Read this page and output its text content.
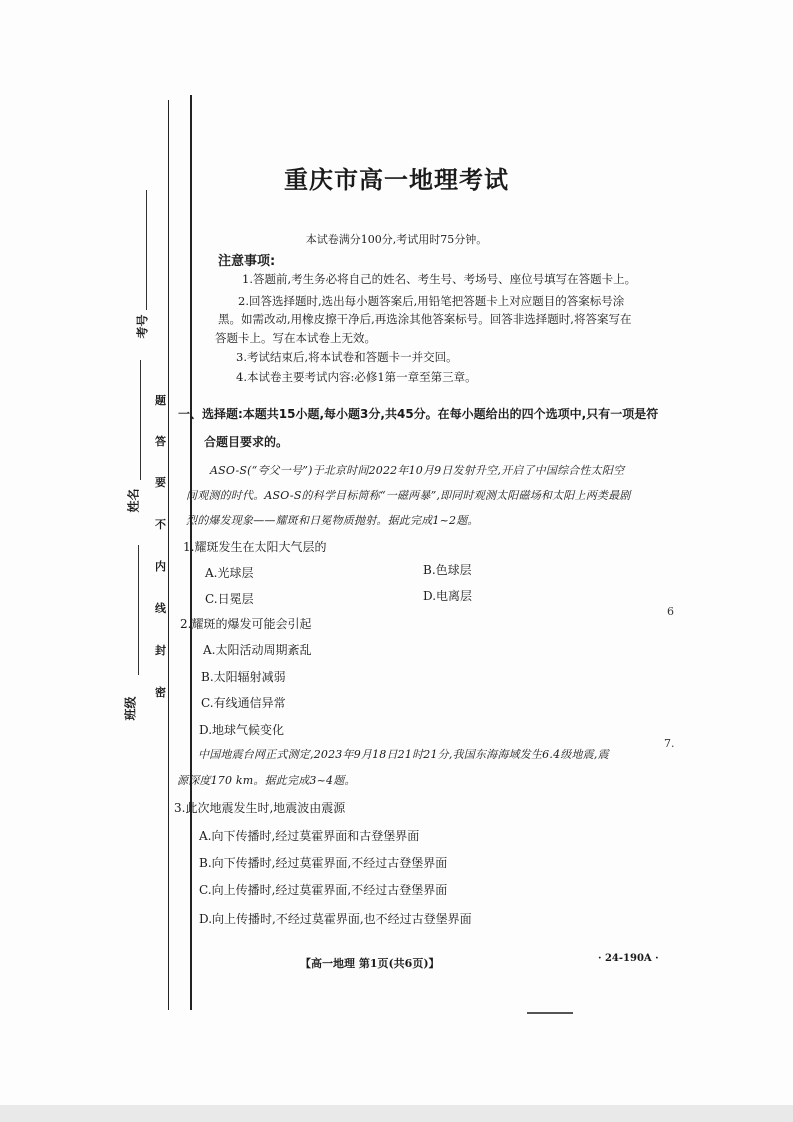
考号
姓名
班级
题
答
要
不
内
线
封
密
重庆市高一地理考试
本试卷满分100分,考试用时75分钟。
注意事项:
1.答题前,考生务必将自己的姓名、考生号、考场号、座位号填写在答题卡上。
2.回答选择题时,选出每小题答案后,用铅笔把答题卡上对应题目的答案标号涂
黑。如需改动,用橡皮擦干净后,再选涂其他答案标号。回答非选择题时,将答案写在
答题卡上。写在本试卷上无效。
3.考试结束后,将本试卷和答题卡一并交回。
4.本试卷主要考试内容:必修1第一章至第三章。
一、选择题:本题共15小题,每小题3分,共45分。在每小题给出的四个选项中,只有一项是符
合题目要求的。
ASO-S(“夸父一号”)于北京时间2022年10月9日发射升空,开启了中国综合性太阳空
间观测的时代。ASO-S的科学目标简称“一磁两暴”,即同时观测太阳磁场和太阳上两类最剧
烈的爆发现象——耀斑和日冕物质抛射。据此完成1~2题。
1.耀斑发生在太阳大气层的
A.光球层	B.色球层
C.日冕层	D.电离层
2.耀斑的爆发可能会引起
A.太阳活动周期紊乱
B.太阳辐射减弱
C.有线通信异常
D.地球气候变化
中国地震台网正式测定,2023年9月18日21时21分,我国东海海域发生6.4级地震,震
源深度170 km。据此完成3~4题。
3.此次地震发生时,地震波由震源
A.向下传播时,经过莫霍界面和古登堡界面
B.向下传播时,经过莫霍界面,不经过古登堡界面
C.向上传播时,经过莫霍界面,不经过古登堡界面
D.向上传播时,不经过莫霍界面,也不经过古登堡界面
【高一地理 第1页(共6页)】	· 24-190A ·
6
7.
